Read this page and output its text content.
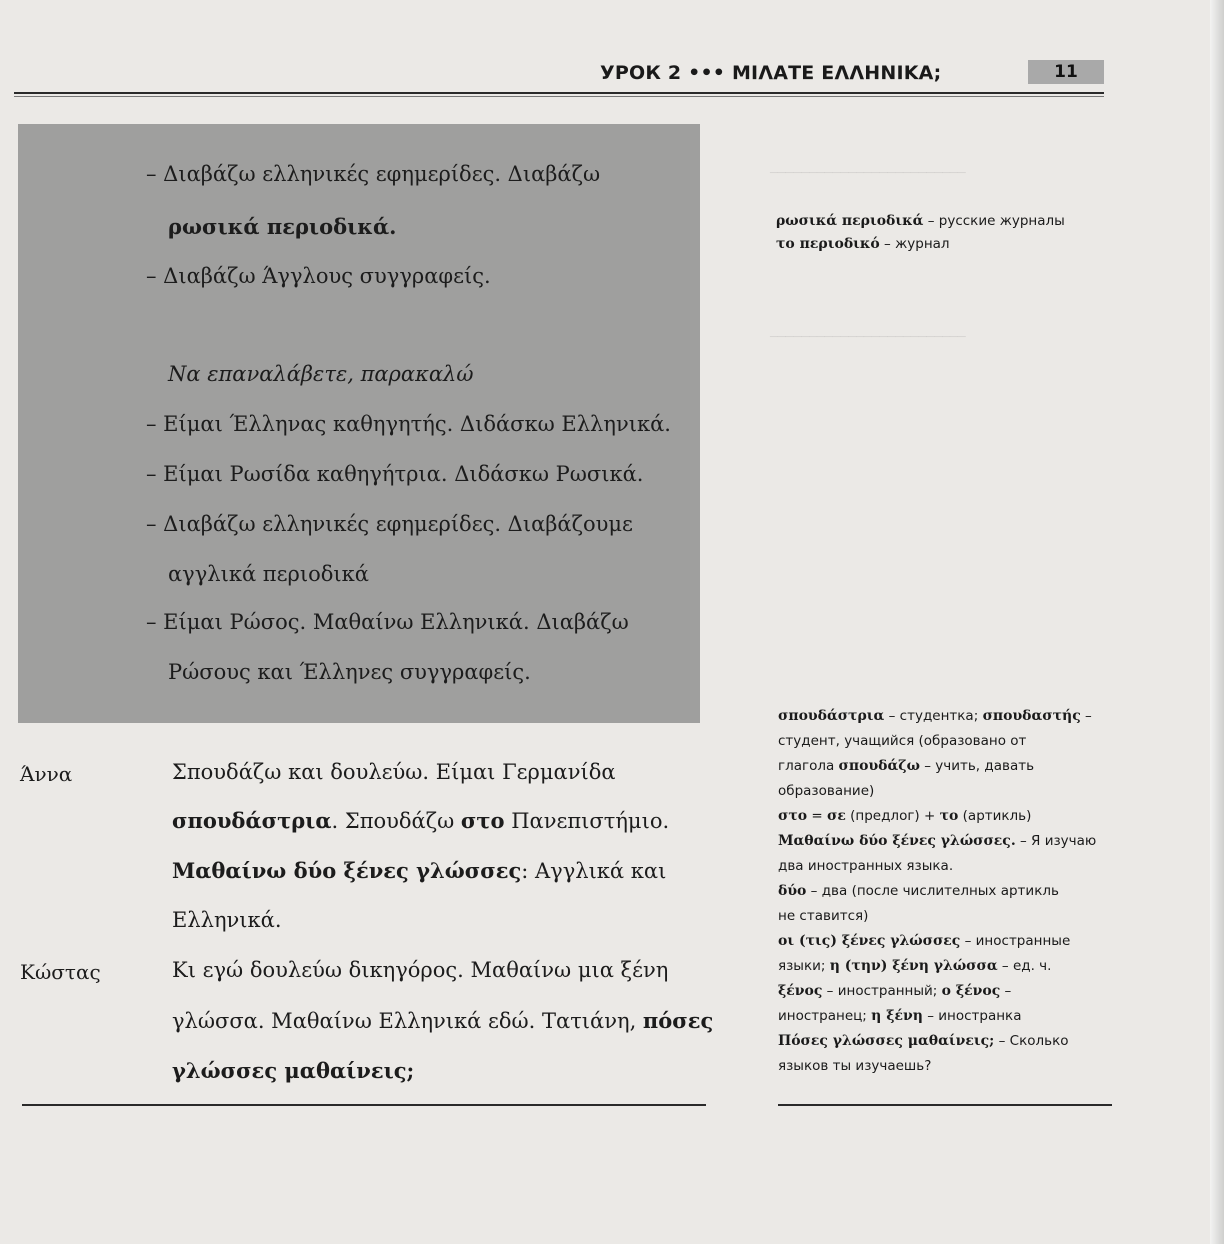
УРОК 2 ••• ΜΙΛΑΤΕ ΕΛΛΗΝΙΚΑ;	11
– Διαβάζω ελληνικές εφημερίδες. Διαβάζω
ρωσικά περιοδικά.
– Διαβάζω Άγγλους συγγραφείς.
Να επαναλάβετε, παρακαλώ
– Είμαι Έλληνας καθηγητής. Διδάσκω Ελληνικά.
– Είμαι Ρωσίδα καθηγήτρια. Διδάσκω Ρωσικά.
– Διαβάζω ελληνικές εφημερίδες. Διαβάζουμε
αγγλικά περιοδικά
– Είμαι Ρώσος. Μαθαίνω Ελληνικά. Διαβάζω
Ρώσους και Έλληνες συγγραφείς.
ρωσικά περιοδικά – русские журналы
το περιοδικό – журнал
─────────────────────────
─────────────────────────
Άννα	Σπουδάζω και δουλεύω. Είμαι Γερμανίδα
σπουδάστρια. Σπουδάζω στο Πανεπιστήμιο.
Μαθαίνω δύο ξένες γλώσσες: Αγγλικά και
Ελληνικά.
Κώστας	Κι εγώ δουλεύω δικηγόρος. Μαθαίνω μια ξένη
γλώσσα. Μαθαίνω Ελληνικά εδώ. Τατιάνη, πόσες
γλώσσες μαθαίνεις;
σπουδάστρια – студентка; σπουδαστής –
студент, учащийся (образовано от
глагола σπουδάζω – учить, давать
образование)
στο = σε (предлог) + το (артикль)
Μαθαίνω δύο ξένες γλώσσες. – Я изучаю
два иностранных языка.
δύο – два (после числителных артикль
не ставится)
οι (τις) ξένες γλώσσες – иностранные
языки; η (την) ξένη γλώσσα – ед. ч.
ξένος – иностранный; ο ξένος –
иностранец; η ξένη – иностранка
Πόσες γλώσσες μαθαίνεις; – Сколько
языков ты изучаешь?
